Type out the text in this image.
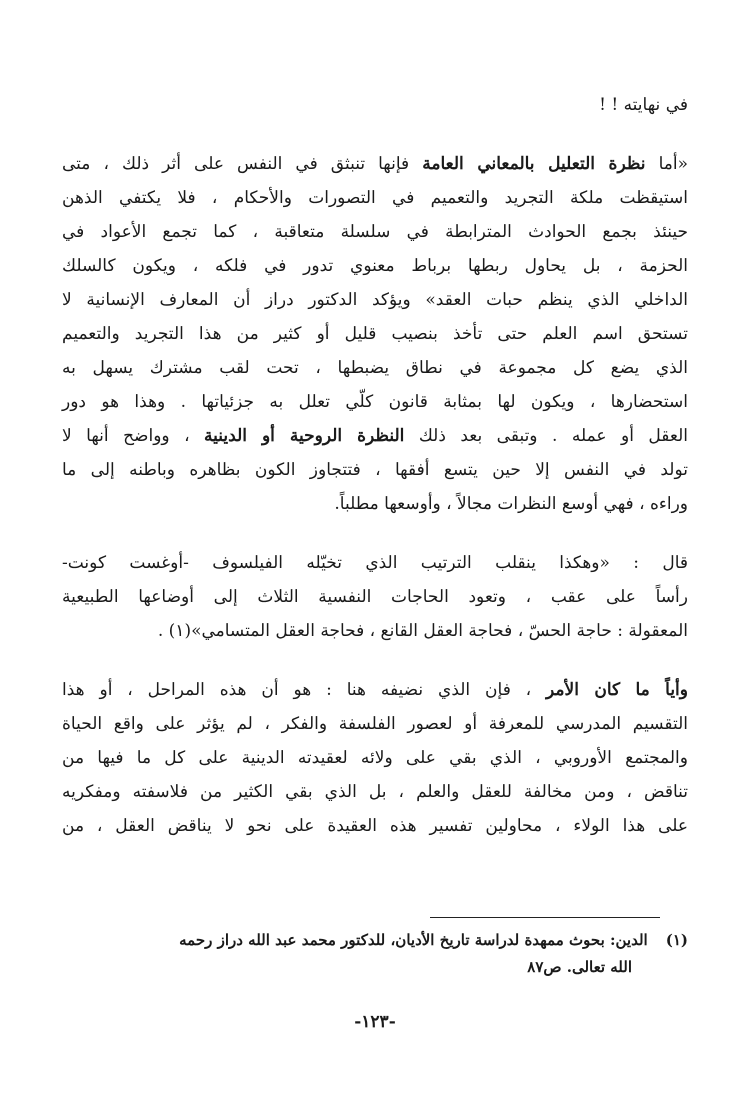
في نهايته ! !
«أما نظرة التعليل بالمعاني العامة فإنها تنبثق في النفس على أثر ذلك ، متى
استيقظت ملكة التجريد والتعميم في التصورات والأحكام ، فلا يكتفي الذهن
حينئذ بجمع الحوادث المترابطة في سلسلة متعاقبة ، كما تجمع الأعواد في
الحزمة ، بل يحاول ربطها برباط معنوي تدور في فلكه ، ويكون كالسلك
الداخلي الذي ينظم حبات العقد» ويؤكد الدكتور دراز أن المعارف الإنسانية لا
تستحق اسم العلم حتى تأخذ بنصيب قليل أو كثير من هذا التجريد والتعميم
الذي يضع كل مجموعة في نطاق يضبطها ، تحت لقب مشترك يسهل به
استحضارها ، ويكون لها بمثابة قانون كلّي تعلل به جزئياتها . وهذا هو دور
العقل أو عمله . وتبقى بعد ذلك النظرة الروحية أو الدينية ، وواضح أنها لا
تولد في النفس إلا حين يتسع أفقها ، فتتجاوز الكون بظاهره وباطنه إلى ما
وراءه ، فهي أوسع النظرات مجالاً ، وأوسعها مطلباً.
قال : «وهكذا ينقلب الترتيب الذي تخيّله الفيلسوف -أوغست كونت-
رأساً على عقب ، وتعود الحاجات النفسية الثلاث إلى أوضاعها الطبيعية
المعقولة : حاجة الحسّ ، فحاجة العقل القانع ، فحاجة العقل المتسامي»(١) .
وأياً ما كان الأمر ، فإن الذي نضيفه هنا : هو أن هذه المراحل ، أو هذا
التقسيم المدرسي للمعرفة أو لعصور الفلسفة والفكر ، لم يؤثر على واقع الحياة
والمجتمع الأوروبي ، الذي بقي على ولائه لعقيدته الدينية على كل ما فيها من
تناقض ، ومن مخالفة للعقل والعلم ، بل الذي بقي الكثير من فلاسفته ومفكريه
على هذا الولاء ، محاولين تفسير هذه العقيدة على نحو لا يناقض العقل ، من
(١)الدين: بحوث ممهدة لدراسة تاريخ الأديان، للدكتور محمد عبد الله دراز رحمه
الله تعالى. ص٨٧
-١٢٣-
